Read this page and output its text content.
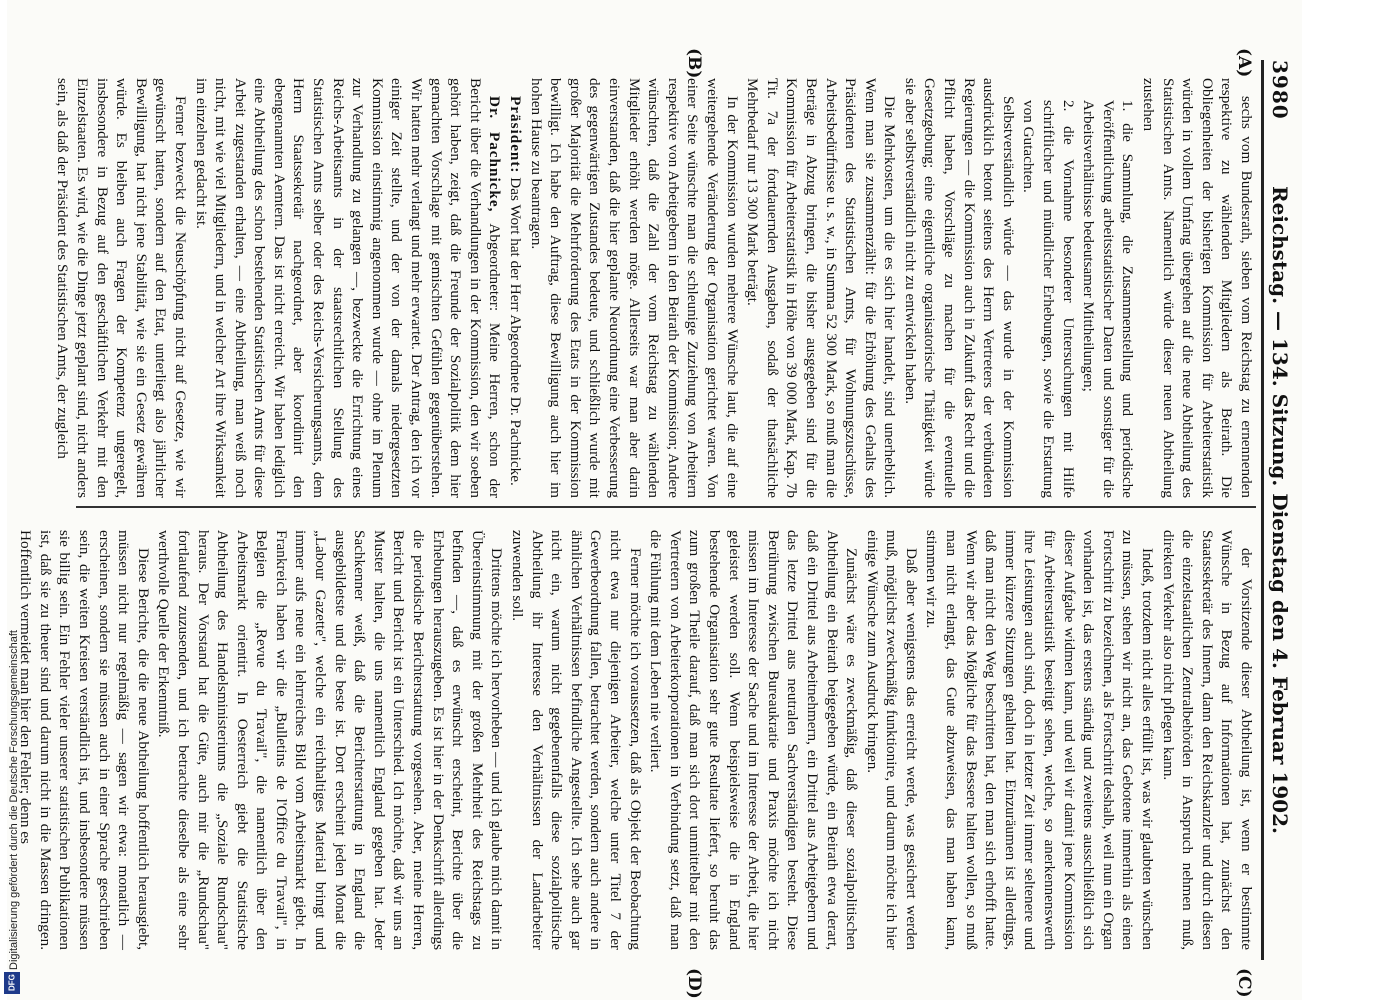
3980
Reichstag. — 134. Sitzung. Dienstag den 4. Februar 1902.
(A)
(B)
(C)
(D)

sechs vom Bundesrath, sieben vom Reichstag zu ernennenden respektive zu wählenden Mitgliedern als Beirath. Die Obliegenheiten der bisherigen Kommission für Arbeiterstatistik würden in vollem Umfang übergehen auf die neue Abtheilung des Statistischen Amts. Namentlich würde dieser neuen Abtheilung zustehen

1. die Sammlung, die Zusammenstellung und periodische Veröffentlichung arbeitsstatistischer Daten und sonstiger für die Arbeitsverhältnisse bedeutsamer Mittheilungen;

2. die Vornahme besonderer Untersuchungen mit Hilfe schriftlicher und mündlicher Erhebungen, sowie die Erstattung von Gutachten.

Selbstverständlich würde — das wurde in der Kommission ausdrücklich betont seitens des Herrn Vertreters der verbündeten Regierungen — die Kommission auch in Zukunft das Recht und die Pflicht haben, Vorschläge zu machen für die eventuelle Gesetzgebung; eine eigentliche organisatorische Thätigkeit würde sie aber selbstverständlich nicht zu entwickeln haben.

Die Mehrkosten, um die es sich hier handelt, sind unerheblich. Wenn man sie zusammenzählt: für die Erhöhung des Gehalts des Präsidenten des Statistischen Amts, für Wohnungszuschüsse, Arbeitsbedürfnisse u. s. w., in Summa 52 300 Mark, so muß man die Beträge in Abzug bringen, die bisher ausgegeben sind für die Kommission für Arbeiterstatistik in Höhe von 39 000 Mark, Kap. 7b Tit. 7a der fortdauernden Ausgaben, sodaß der thatsächliche Mehrbedarf nur 13 300 Mark beträgt.

In der Kommission wurden mehrere Wünsche laut, die auf eine weitergehende Veränderung der Organisation gerichtet waren. Von einer Seite wünschte man die schleunige Zuziehung von Arbeitern respektive von Arbeitgebern in den Beirath der Kommission; Andere wünschten, daß die Zahl der vom Reichstag zu wählenden Mitglieder erhöht werden möge. Allerseits war man aber darin einverstanden, daß die hier geplante Neuordnung eine Verbesserung des gegenwärtigen Zustandes bedeute, und schließlich wurde mit großer Majorität die Mehrforderung des Etats in der Kommission bewilligt. Ich habe den Auftrag, diese Bewilligung auch hier im hohen Hause zu beantragen.

Präsident: Das Wort hat der Herr Abgeordnete Dr. Pachnicke.

Dr. Pachnicke, Abgeordneter: Meine Herren, schon der Bericht über die Verhandlungen in der Kommission, den wir soeben gehört haben, zeigt, daß die Freunde der Sozialpolitik dem hier gemachten Vorschlage mit gemischten Gefühlen gegenüberstehen. Wir hatten mehr verlangt und mehr erwartet. Der Antrag, den ich vor einiger Zeit stellte, und der von der damals niedergesetzten Kommission einstimmig angenommen wurde — ohne im Plenum zur Verhandlung zu gelangen —, bezweckte die Errichtung eines Reichs-Arbeitsamts in der staatsrechtlichen Stellung des Statistischen Amts selber oder des Reichs-Versicherungsamts, dem Herrn Staatssekretär nachgeordnet, aber koordinirt den ebengenannten Aemtern. Das ist nicht erreicht. Wir haben lediglich eine Abtheilung des schon bestehenden Statistischen Amts für diese Arbeit zugestanden erhalten, — eine Abtheilung, man weiß noch nicht, mit wie viel Mitgliedern, und in welcher Art ihre Wirksamkeit im einzelnen gedacht ist.

Ferner bezweckt die Neuschöpfung nicht auf Gesetze, wie wir gewünscht hatten, sondern auf den Etat, unterliegt also jährlicher Bewilligung, hat nicht jene Stabilität, wie sie ein Gesetz gewähren würde. Es bleiben auch Fragen der Kompetenz ungeregelt, insbesondere in Bezug auf den geschäftlichen Verkehr mit den Einzelstaaten. Es wird, wie die Dinge jetzt geplant sind, nicht anders sein, als daß der Präsident des Statistischen Amts, der zugleich

der Vorsitzende dieser Abtheilung ist, wenn er bestimmte Wünsche in Bezug auf Informationen hat, zunächst den Staatssekretär des Innern, dann den Reichskanzler und durch diesen die einzelstaatlichen Zentralbehörden in Anspruch nehmen muß, direkten Verkehr also nicht pflegen kann.

Indeß, trotzdem nicht alles erfüllt ist, was wir glaubten wünschen zu müssen, stehen wir nicht an, das Gebotene immerhin als einen Fortschritt zu bezeichnen, als Fortschritt deshalb, weil nun ein Organ vorhanden ist, das erstens ständig und zweitens ausschließlich sich dieser Aufgabe widmen kann, und weil wir damit jene Kommission für Arbeiterstatistik beseitigt sehen, welche, so anerkennenswerth ihre Leistungen auch sind, doch in letzter Zeit immer seltenere und immer kürzere Sitzungen gehalten hat. Einzuräumen ist allerdings, daß man nicht den Weg beschritten hat, den man sich erhofft hatte. Wenn wir aber das Mögliche für das Bessere halten wollen, so muß man nicht erlangt, das Gute abzuweisen, das man haben kann, stimmen wir zu.

Daß aber wenigstens das erreicht werde, was gesichert werden muß, möglichst zweckmäßig funktionire, und darum möchte ich hier einige Wünsche zum Ausdruck bringen.

Zunächst wäre es zweckmäßig, daß dieser sozialpolitischen Abtheilung ein Beirath beigegeben würde, ein Beirath etwa derart, daß ein Drittel aus Arbeitnehmern, ein Drittel aus Arbeitgebern und das letzte Drittel aus neutralen Sachverständigen besteht. Diese Berührung zwischen Bureaukratie und Praxis möchte ich nicht missen im Interesse der Sache und im Interesse der Arbeit, die hier geleistet werden soll. Wenn beispielsweise die in England bestehende Organisation sehr gute Resultate liefert, so beruht das zum großen Theile darauf, daß man sich dort unmittelbar mit den Vertretern von Arbeiterkorporationen in Verbindung setzt, daß man die Fühlung mit dem Leben nie verliert.

Ferner möchte ich voraussetzen, daß als Objekt der Beobachtung nicht etwa nur diejenigen Arbeiter, welche unter Titel 7 der Gewerbeordnung fallen, betrachtet werden, sondern auch andere in ähnlichen Verhältnissen befindliche Angestellte. Ich sehe auch gar nicht ein, warum nicht gegebenenfalls diese sozialpolitische Abtheilung ihr Interesse den Verhältnissen der Landarbeiter zuwenden soll.

Drittens möchte ich hervorheben — und ich glaube mich damit in Übereinstimmung mit der großen Mehrheit des Reichstags zu befinden —, daß es erwünscht erscheint, Berichte über die Erhebungen herauszugeben. Es ist hier in der Denkschrift allerdings die periodische Berichterstattung vorgesehen. Aber, meine Herren, Bericht und Bericht ist ein Unterschied. Ich möchte, daß wir uns an Muster halten, die uns namentlich England gegeben hat. Jeder Sachkenner weiß, daß die Berichterstattung in England die ausgebildetste und die beste ist. Dort erscheint jeden Monat die „Labour Gazette", welche ein reichhaltiges Material bringt und immer aufs neue ein lehrreiches Bild vom Arbeitsmarkt giebt. In Frankreich haben wir die „Bulletins de l'Office du Travail", in Belgien die „Revue du Travail", die namentlich über den Arbeitsmarkt orientirt. In Oesterreich giebt die Statistische Abtheilung des Handelsministeriums die „Soziale Rundschau" heraus. Der Vorstand hat die Güte, auch mir die „Rundschau" fortlaufend zuzusenden, und ich betrachte dieselbe als eine sehr werthvolle Quelle der Erkenntniß.

Diese Berichte, die die neue Abtheilung hoffentlich herausgiebt, müssen nicht nur regelmäßig — sagen wir etwa: monatlich — erscheinen, sondern sie müssen auch in einer Sprache geschrieben sein, die weiten Kreisen verständlich ist, und insbesondere müssen sie billig sein. Ein Fehler vieler unserer statistischen Publikationen ist, daß sie zu theuer sind und darum nicht in die Massen dringen. Hoffentlich vermeidet man hier den Fehler; denn es

Digitalisierung gefördert durch die Deutsche Forschungsgemeinschaft
DFG
